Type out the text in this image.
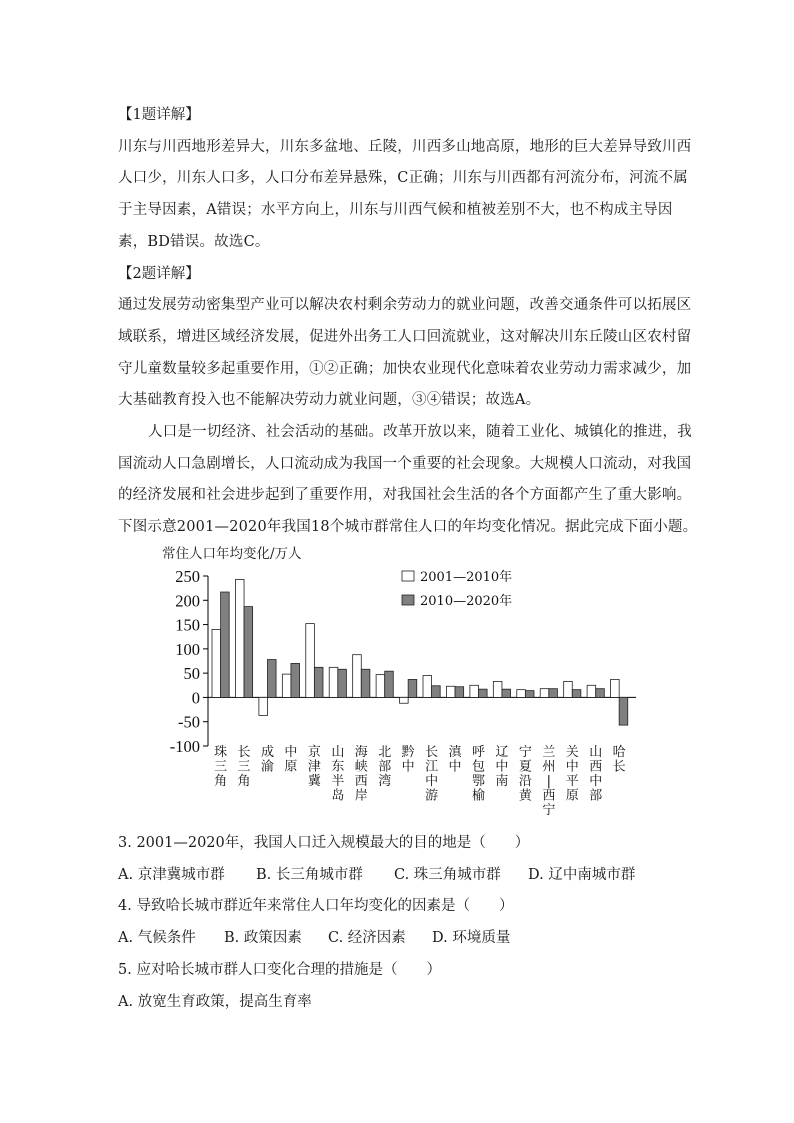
【1题详解】
川东与川西地形差异大，川东多盆地、丘陵，川西多山地高原，地形的巨大差异导致川西
人口少，川东人口多，人口分布差异悬殊，C正确；川东与川西都有河流分布，河流不属
于主导因素，A错误；水平方向上，川东与川西气候和植被差别不大，也不构成主导因
素，BD错误。故选C。
【2题详解】
通过发展劳动密集型产业可以解决农村剩余劳动力的就业问题，改善交通条件可以拓展区
域联系，增进区域经济发展，促进外出务工人口回流就业，这对解决川东丘陵山区农村留
守儿童数量较多起重要作用，①②正确；加快农业现代化意味着农业劳动力需求减少，加
大基础教育投入也不能解决劳动力就业问题，③④错误；故选A。
人口是一切经济、社会活动的基础。改革开放以来，随着工业化、城镇化的推进，我
国流动人口急剧增长，人口流动成为我国一个重要的社会现象。大规模人口流动，对我国
的经济发展和社会进步起到了重要作用，对我国社会生活的各个方面都产生了重大影响。
下图示意2001—2020年我国18个城市群常住人口的年均变化情况。据此完成下面小题。
常住人口年均变化/万人
250
200
150
100
50
0
-50
-100 珠三角
长三角
成渝
中原
京津冀
山东半岛
海峡西岸
北部湾
黔中
长江中游
滇中
呼包鄂榆
辽中南
宁夏沿黄
兰州|西宁
关中平原
山西中部
哈长
2001—2010年
2010—2020年
3. 2001—2020年，我国人口迁入规模最大的目的地是（　　）
A. 京津冀城市群 B. 长三角城市群 C. 珠三角城市群 D. 辽中南城市群
4. 导致哈长城市群近年来常住人口年均变化的因素是（　　）
A. 气候条件 B. 政策因素 C. 经济因素 D. 环境质量
5. 应对哈长城市群人口变化合理的措施是（　　）
A. 放宽生育政策，提高生育率
